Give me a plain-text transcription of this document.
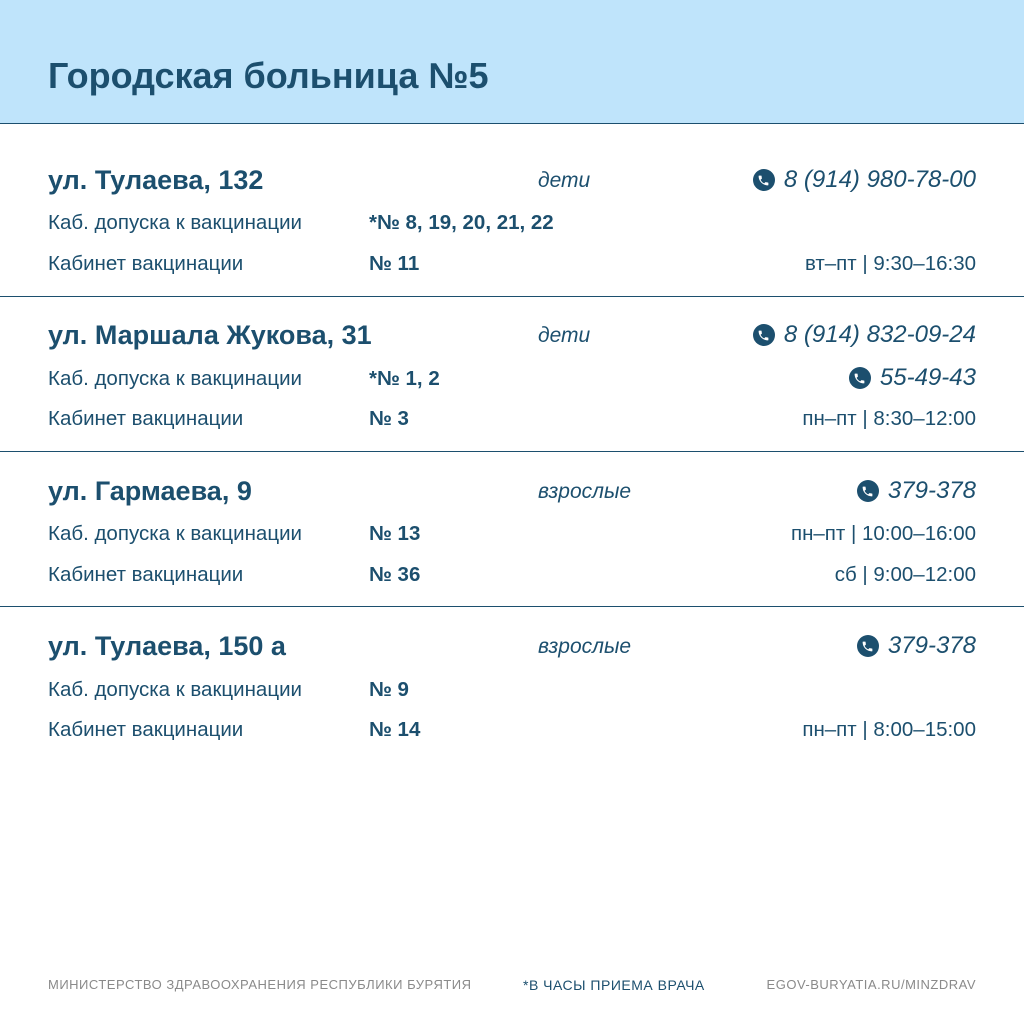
Городская больница №5
ул. Тулаева, 132	дети	8 (914) 980-78-00
Каб. допуска к вакцинации	*№ 8, 19, 20, 21, 22
Кабинет вакцинации	№ 11	вт–пт | 9:30–16:30
ул. Маршала Жукова, 31	дети	8 (914) 832-09-24
Каб. допуска к вакцинации	*№ 1, 2	55-49-43
Кабинет вакцинации	№ 3	пн–пт | 8:30–12:00
ул. Гармаева, 9	взрослые	379-378
Каб. допуска к вакцинации	№ 13	пн–пт | 10:00–16:00
Кабинет вакцинации	№ 36	сб | 9:00–12:00
ул. Тулаева, 150 а	взрослые	379-378
Каб. допуска к вакцинации	№ 9
Кабинет вакцинации	№ 14	пн–пт | 8:00–15:00
МИНИСТЕРСТВО ЗДРАВООХРАНЕНИЯ РЕСПУБЛИКИ БУРЯТИЯ	*В ЧАСЫ ПРИЕМА ВРАЧА	EGOV-BURYATIA.RU/MINZDRAV
